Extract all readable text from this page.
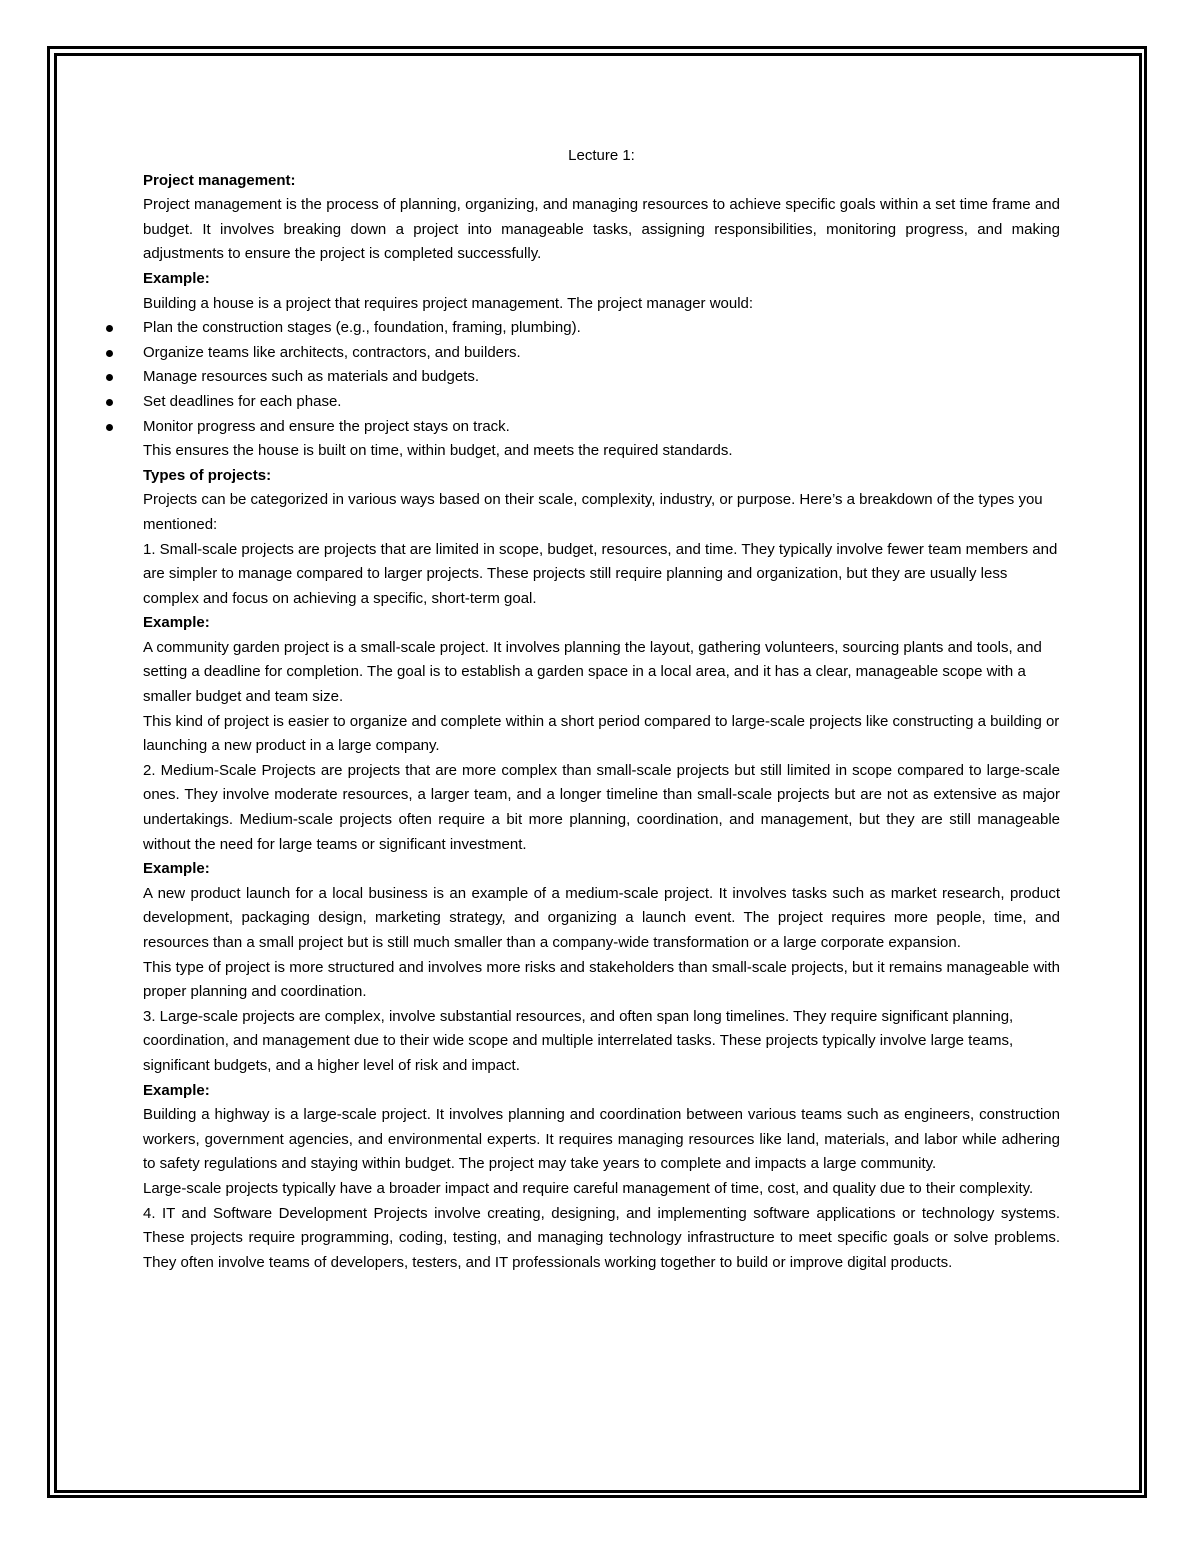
Lecture 1:

Project management:

Project management is the process of planning, organizing, and managing resources to achieve specific goals within a set time frame and budget. It involves breaking down a project into manageable tasks, assigning responsibilities, monitoring progress, and making adjustments to ensure the project is completed successfully.

Example:

Building a house is a project that requires project management. The project manager would:

Plan the construction stages (e.g., foundation, framing, plumbing).
Organize teams like architects, contractors, and builders.
Manage resources such as materials and budgets.
Set deadlines for each phase.
Monitor progress and ensure the project stays on track.

This ensures the house is built on time, within budget, and meets the required standards.

Types of projects:

Projects can be categorized in various ways based on their scale, complexity, industry, or purpose. Here’s a breakdown of the types you mentioned:

1. Small-scale projects are projects that are limited in scope, budget, resources, and time. They typically involve fewer team members and are simpler to manage compared to larger projects. These projects still require planning and organization, but they are usually less complex and focus on achieving a specific, short-term goal.

Example:

A community garden project is a small-scale project. It involves planning the layout, gathering volunteers, sourcing plants and tools, and setting a deadline for completion. The goal is to establish a garden space in a local area, and it has a clear, manageable scope with a smaller budget and team size.

This kind of project is easier to organize and complete within a short period compared to large-scale projects like constructing a building or launching a new product in a large company.

2. Medium-Scale Projects are projects that are more complex than small-scale projects but still limited in scope compared to large-scale ones. They involve moderate resources, a larger team, and a longer timeline than small-scale projects but are not as extensive as major undertakings. Medium-scale projects often require a bit more planning, coordination, and management, but they are still manageable without the need for large teams or significant investment.

Example:

A new product launch for a local business is an example of a medium-scale project. It involves tasks such as market research, product development, packaging design, marketing strategy, and organizing a launch event. The project requires more people, time, and resources than a small project but is still much smaller than a company-wide transformation or a large corporate expansion.

This type of project is more structured and involves more risks and stakeholders than small-scale projects, but it remains manageable with proper planning and coordination.

3. Large-scale projects are complex, involve substantial resources, and often span long timelines. They require significant planning, coordination, and management due to their wide scope and multiple interrelated tasks. These projects typically involve large teams, significant budgets, and a higher level of risk and impact.

Example:

Building a highway is a large-scale project. It involves planning and coordination between various teams such as engineers, construction workers, government agencies, and environmental experts. It requires managing resources like land, materials, and labor while adhering to safety regulations and staying within budget. The project may take years to complete and impacts a large community.

Large-scale projects typically have a broader impact and require careful management of time, cost, and quality due to their complexity.

4. IT and Software Development Projects involve creating, designing, and implementing software applications or technology systems. These projects require programming, coding, testing, and managing technology infrastructure to meet specific goals or solve problems. They often involve teams of developers, testers, and IT professionals working together to build or improve digital products.
